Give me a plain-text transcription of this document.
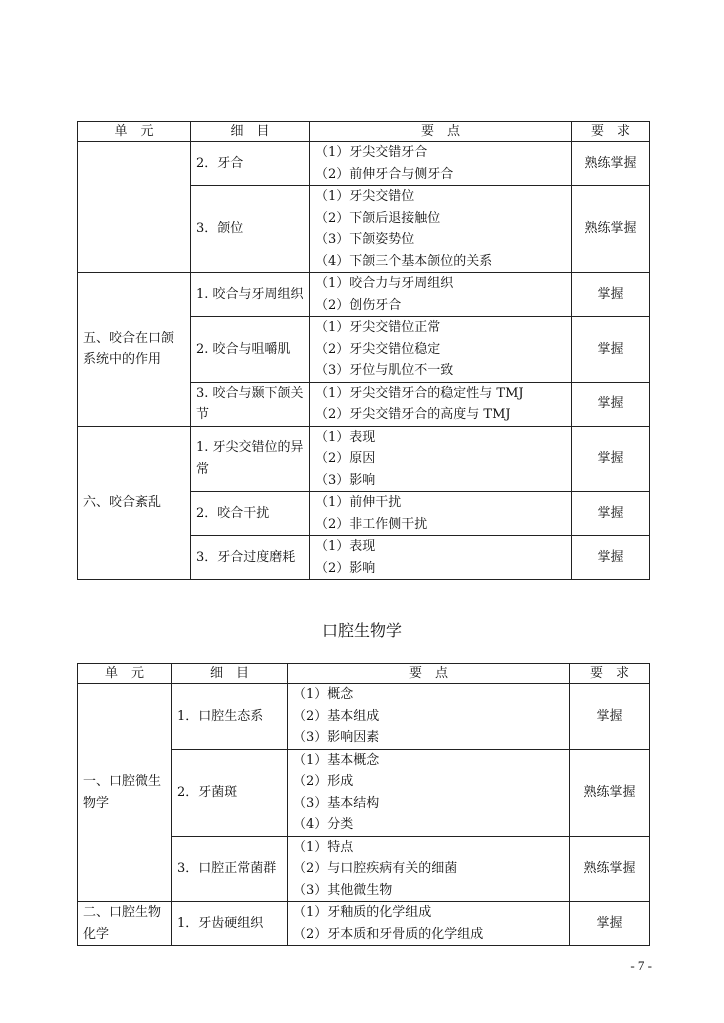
单　元	细　目	要　点	要　求
	2．牙合	（1）牙尖交错牙合
（2）前伸牙合与侧牙合	熟练掌握
	3．颌位	（1）牙尖交错位
（2）下颌后退接触位
（3）下颌姿势位
（4）下颌三个基本颌位的关系	熟练掌握
五、咬合在口颌系统中的作用	1. 咬合与牙周组织	（1）咬合力与牙周组织
（2）创伤牙合	掌握
	2. 咬合与咀嚼肌	（1）牙尖交错位正常
（2）牙尖交错位稳定
（3）牙位与肌位不一致	掌握
	3. 咬合与颞下颌关节	（1）牙尖交错牙合的稳定性与 TMJ
（2）牙尖交错牙合的高度与 TMJ	掌握
六、咬合紊乱	1. 牙尖交错位的异常	（1）表现
（2）原因
（3）影响	掌握
	2．咬合干扰	（1）前伸干扰
（2）非工作侧干扰	掌握
	3．牙合过度磨耗	（1）表现
（2）影响	掌握
口腔生物学
单　元	细　目	要　点	要　求
一、口腔微生物学	1．口腔生态系	（1）概念
（2）基本组成
（3）影响因素	掌握
	2．牙菌斑	（1）基本概念
（2）形成
（3）基本结构
（4）分类	熟练掌握
	3．口腔正常菌群	（1）特点
（2）与口腔疾病有关的细菌
（3）其他微生物	熟练掌握
二、口腔生物化学	1．牙齿硬组织	（1）牙釉质的化学组成
（2）牙本质和牙骨质的化学组成	掌握
- 7 -
